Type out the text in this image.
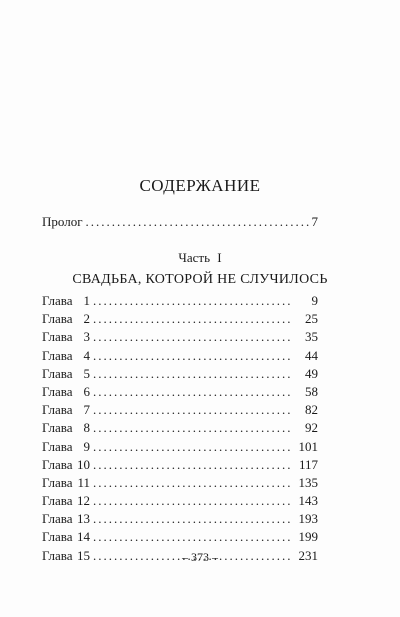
СОДЕРЖАНИЕ
Пролог .....	7
Часть I
СВАДЬБА, КОТОРОЙ НЕ СЛУЧИЛОСЬ
Глава 1 .....	9
Глава 2 .....	25
Глава 3 .....	35
Глава 4 .....	44
Глава 5 .....	49
Глава 6 .....	58
Глава 7 .....	82
Глава 8 .....	92
Глава 9 .....	101
Глава 10 .....	117
Глава 11 .....	135
Глава 12 .....	143
Глава 13 .....	193
Глава 14 .....	199
Глава 15 .....	231
– 373 –
